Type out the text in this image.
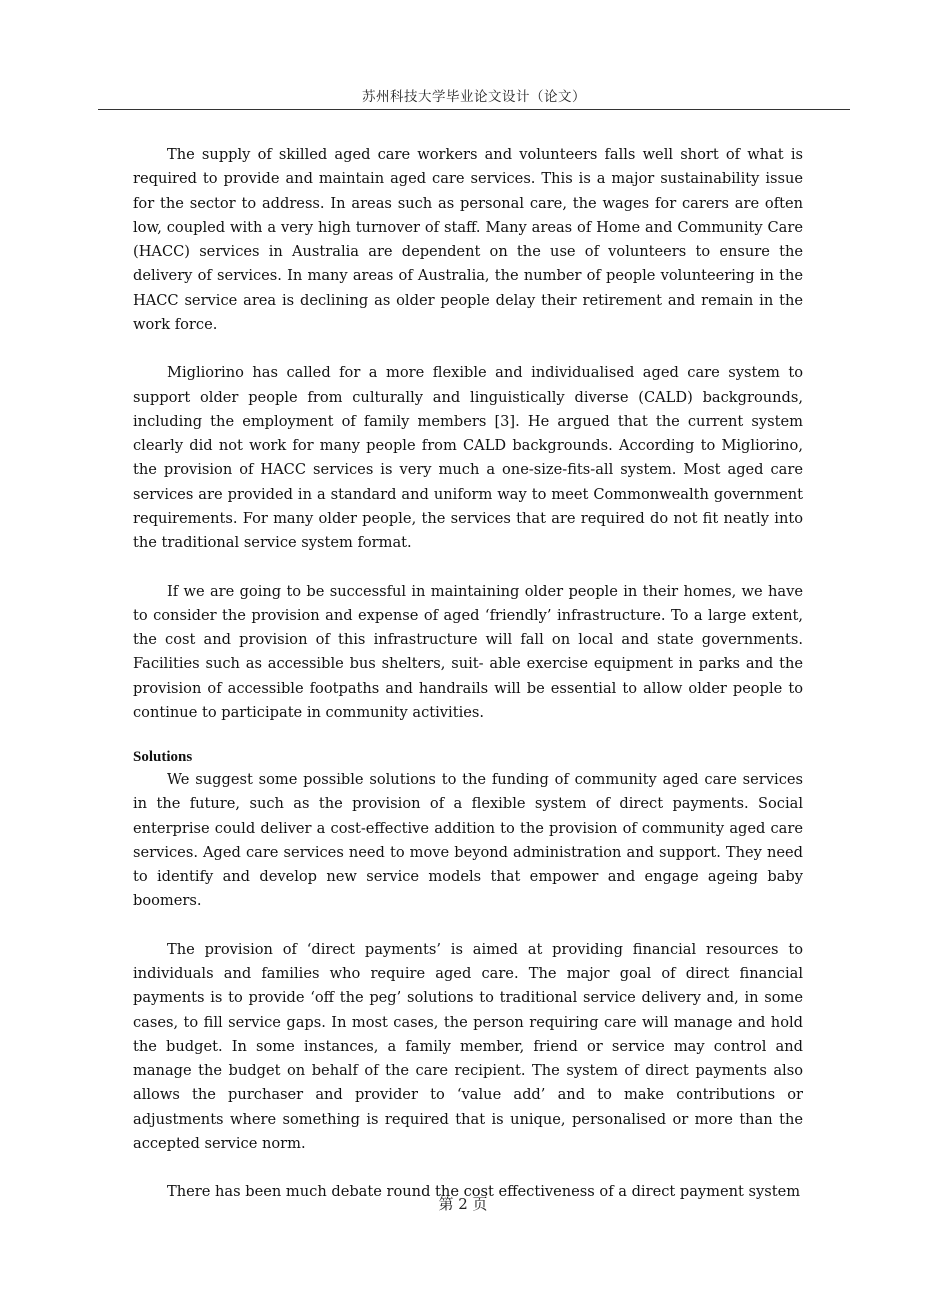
苏州科技大学毕业论文设计（论文）

The supply of skilled aged care workers and volunteers falls well short of what is required to provide and maintain aged care services. This is a major sustainability issue for the sector to address. In areas such as personal care, the wages for carers are often low, coupled with a very high turnover of staff. Many areas of Home and Community Care (HACC) services in Australia are dependent on the use of volunteers to ensure the delivery of services. In many areas of Australia, the number of people volunteering in the HACC service area is declining as older people delay their retirement and remain in the work force.

Migliorino has called for a more flexible and individualised aged care system to support older people from culturally and linguistically diverse (CALD) backgrounds, including the employment of family members [3]. He argued that the current system clearly did not work for many people from CALD backgrounds. According to Migliorino, the provision of HACC services is very much a one-size-fits-all system. Most aged care services are provided in a standard and uniform way to meet Commonwealth government requirements. For many older people, the services that are required do not fit neatly into the traditional service system format.

If we are going to be successful in maintaining older people in their homes, we have to consider the provision and expense of aged ‘friendly’ infrastructure. To a large extent, the cost and provision of this infrastructure will fall on local and state governments. Facilities such as accessible bus shelters, suit- able exercise equipment in parks and the provision of accessible footpaths and handrails will be essential to allow older people to continue to participate in community activities.

Solutions

We suggest some possible solutions to the funding of community aged care services in the future, such as the provision of a flexible system of direct payments. Social enterprise could deliver a cost-effective addition to the provision of community aged care services. Aged care services need to move beyond administration and support. They need to identify and develop new service models that empower and engage ageing baby boomers.

The provision of ‘direct payments’ is aimed at providing financial resources to individuals and families who require aged care. The major goal of direct financial payments is to provide ‘off the peg’ solutions to traditional service delivery and, in some cases, to fill service gaps. In most cases, the person requiring care will manage and hold the budget. In some instances, a family member, friend or service may control and manage the budget on behalf of the care recipient. The system of direct payments also allows the purchaser and provider to ‘value add’ and to make contributions or adjustments where something is required that is unique, personalised or more than the accepted service norm.

There has been much debate round the cost effectiveness of a direct payment system

第 2 页
